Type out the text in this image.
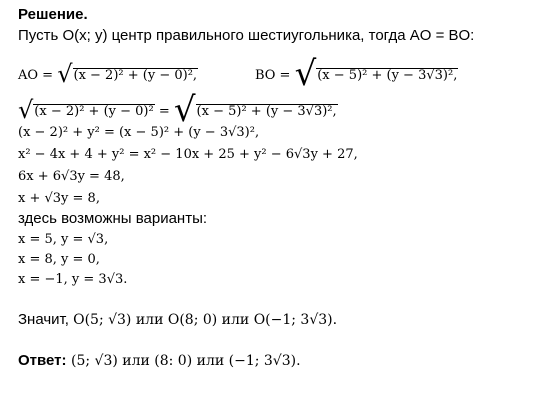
Решение.
Пусть O(x; y) центр правильного шестиугольника, тогда AO = BO:
AO = √(x − 2)² + (y − 0)²,	BO = √(x − 5)² + (y − 3√3)²,
√(x − 2)² + (y − 0)² = √(x − 5)² + (y − 3√3)²,
(x − 2)² + y² = (x − 5)² + (y − 3√3)²,
x² − 4x + 4 + y² = x² − 10x + 25 + y² − 6√3y + 27,
6x + 6√3y = 48,
x + √3y = 8,
здесь возможны варианты:
x = 5, y = √3,
x = 8, y = 0,
x = −1, y = 3√3.
Значит, O(5; √3) или O(8; 0) или O(−1; 3√3).
Ответ: (5; √3) или (8: 0) или (−1; 3√3).
